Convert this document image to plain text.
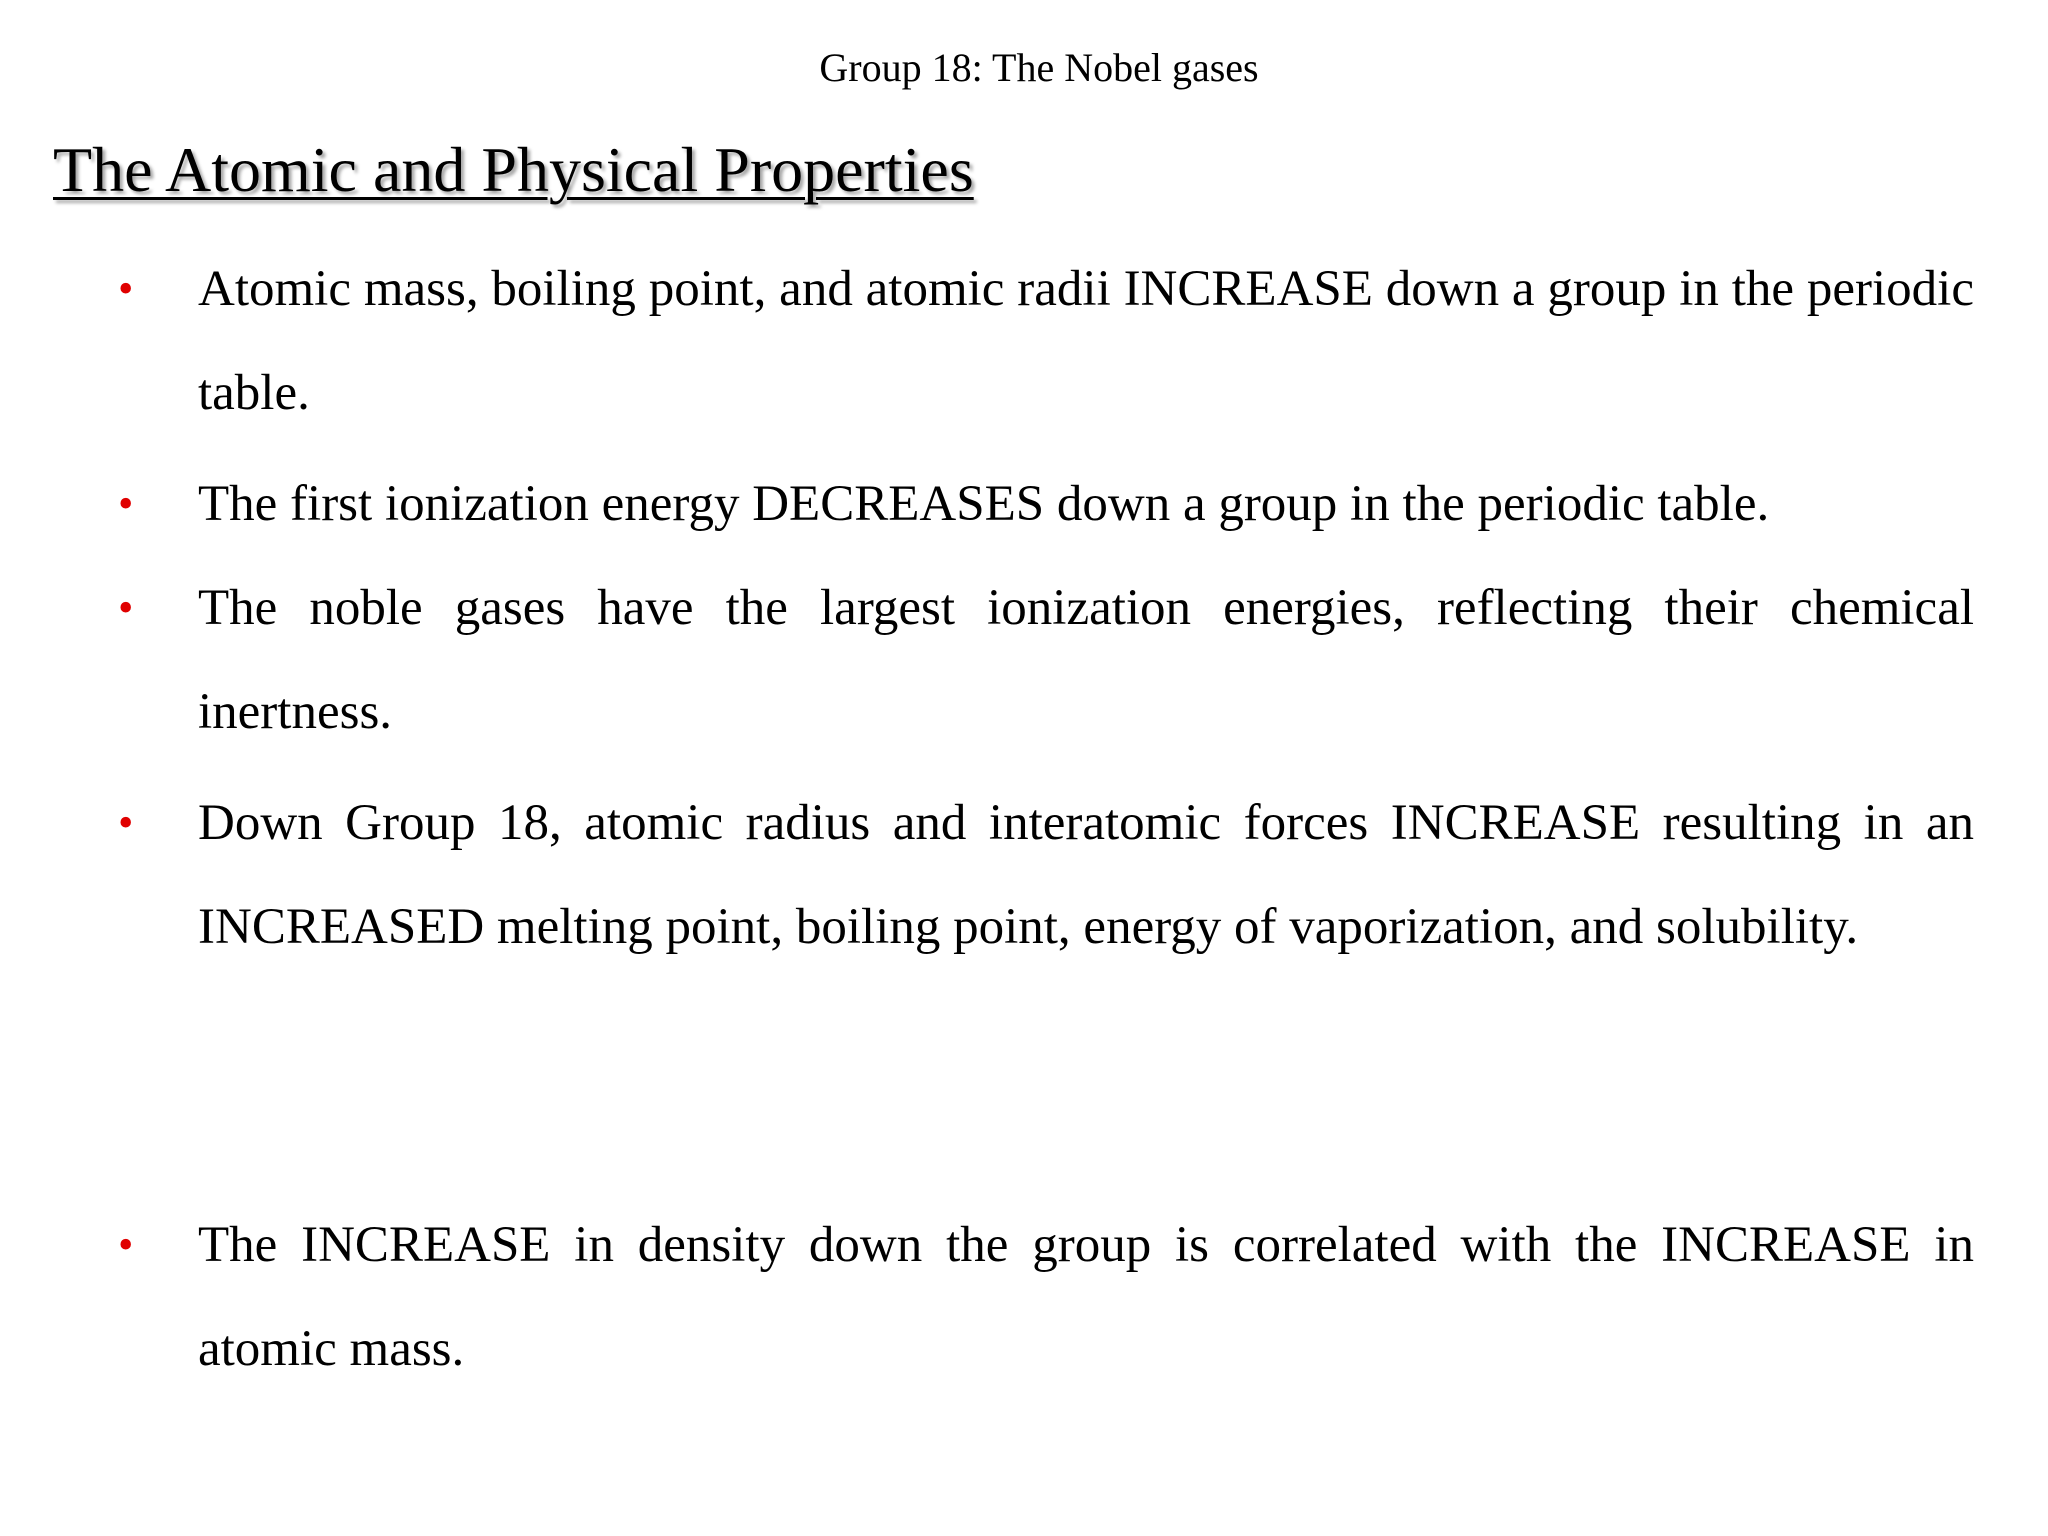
Group 18: The Nobel gases
The Atomic and Physical Properties
• Atomic mass, boiling point, and atomic radii INCREASE down a group in the periodic table.
• The first ionization energy DECREASES down a group in the periodic table.
• The noble gases have the largest ionization energies, reflecting their chemical inertness.
• Down Group 18, atomic radius and interatomic forces INCREASE resulting in an INCREASED melting point, boiling point, energy of vaporization, and solubility.
• The INCREASE in density down the group is correlated with the INCREASE in atomic mass.
